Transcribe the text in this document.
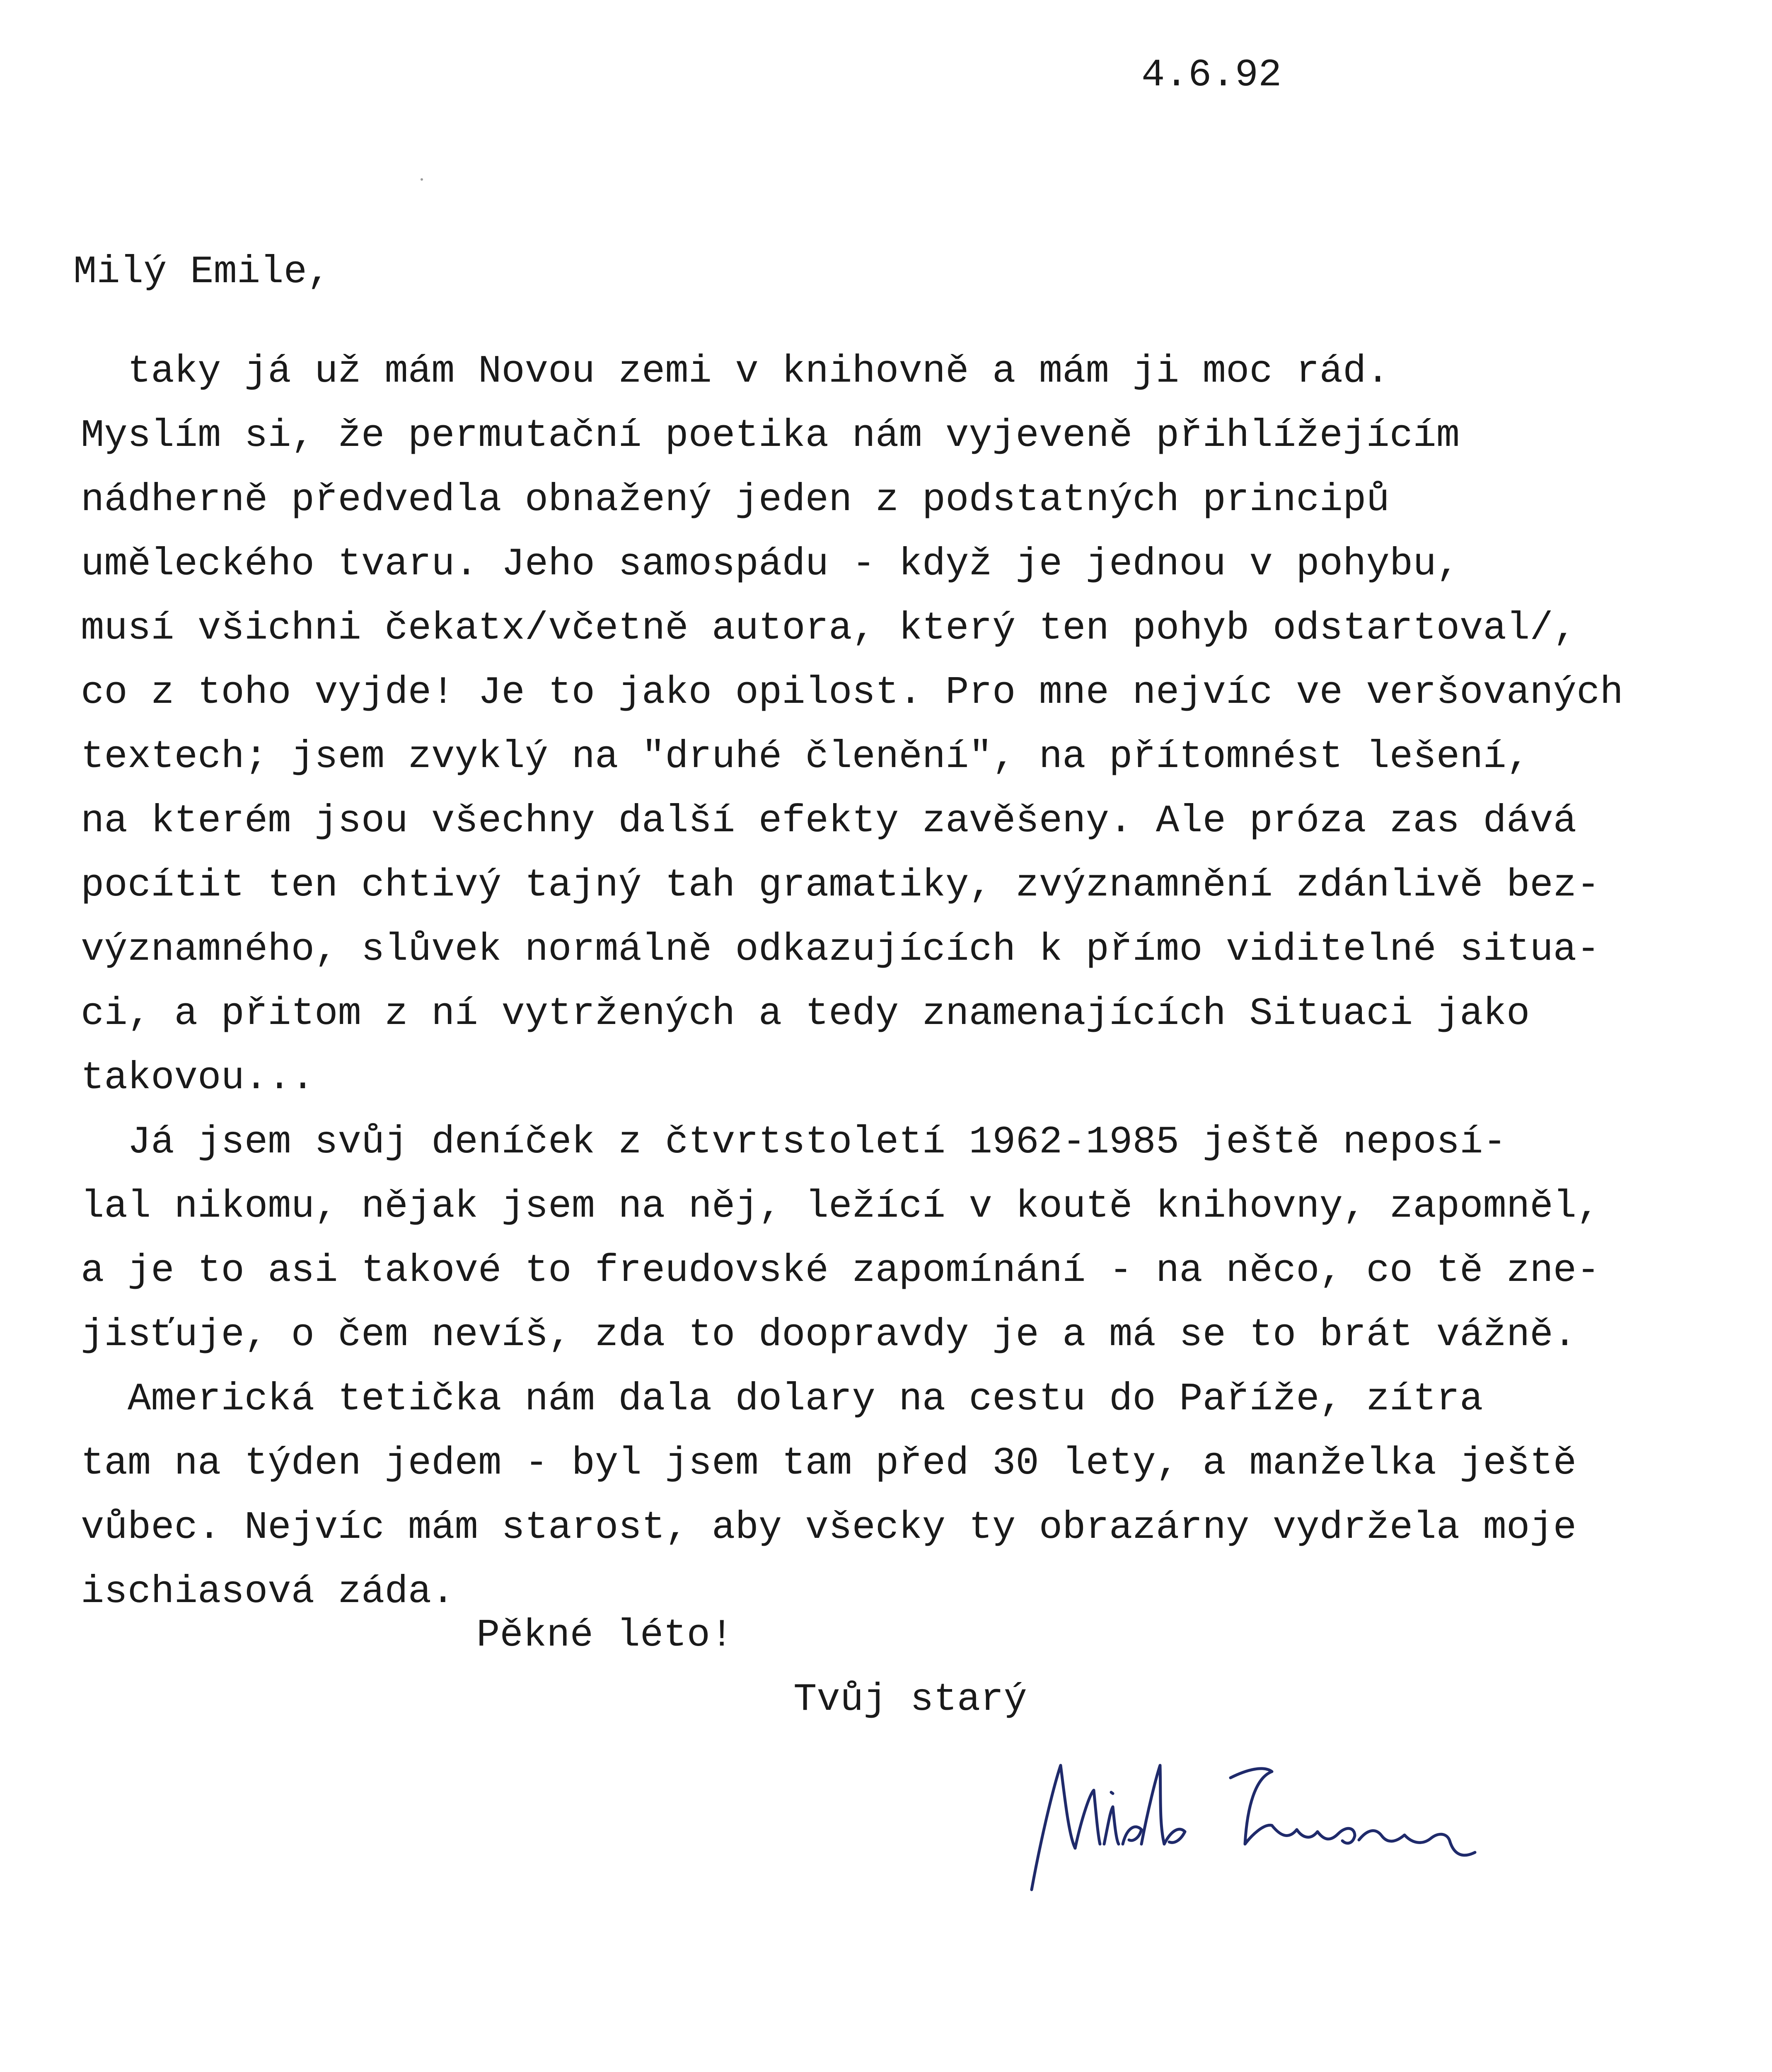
4.6.92
Milý Emile,
taky já už mám Novou zemi v knihovně a mám ji moc rád.
Myslím si, že permutační poetika nám vyjeveně přihlížejícím
nádherně předvedla obnažený jeden z podstatných principů
uměleckého tvaru. Jeho samospádu - když je jednou v pohybu,
musí všichni čekatx/včetně autora, který ten pohyb odstartoval/,
co z toho vyjde! Je to jako opilost. Pro mne nejvíc ve veršovaných
textech; jsem zvyklý na "druhé členění", na přítomnést lešení,
na kterém jsou všechny další efekty zavěšeny. Ale próza zas dává
pocítit ten chtivý tajný tah gramatiky, zvýznamnění zdánlivě bez-
významného, slůvek normálně odkazujících k přímo viditelné situa-
ci, a přitom z ní vytržených a tedy znamenajících Situaci jako
takovou...
Já jsem svůj deníček z čtvrtstoletí 1962-1985 ještě neposí-
lal nikomu, nějak jsem na něj, ležící v koutě knihovny, zapomněl,
a je to asi takové to freudovské zapomínání - na něco, co tě zne-
jisťuje, o čem nevíš, zda to doopravdy je a má se to brát vážně.
Americká tetička nám dala dolary na cestu do Paříže, zítra
tam na týden jedem - byl jsem tam před 30 lety, a manželka ještě
vůbec. Nejvíc mám starost, aby všecky ty obrazárny vydržela moje
ischiasová záda.
Pěkné léto!
Tvůj starý
